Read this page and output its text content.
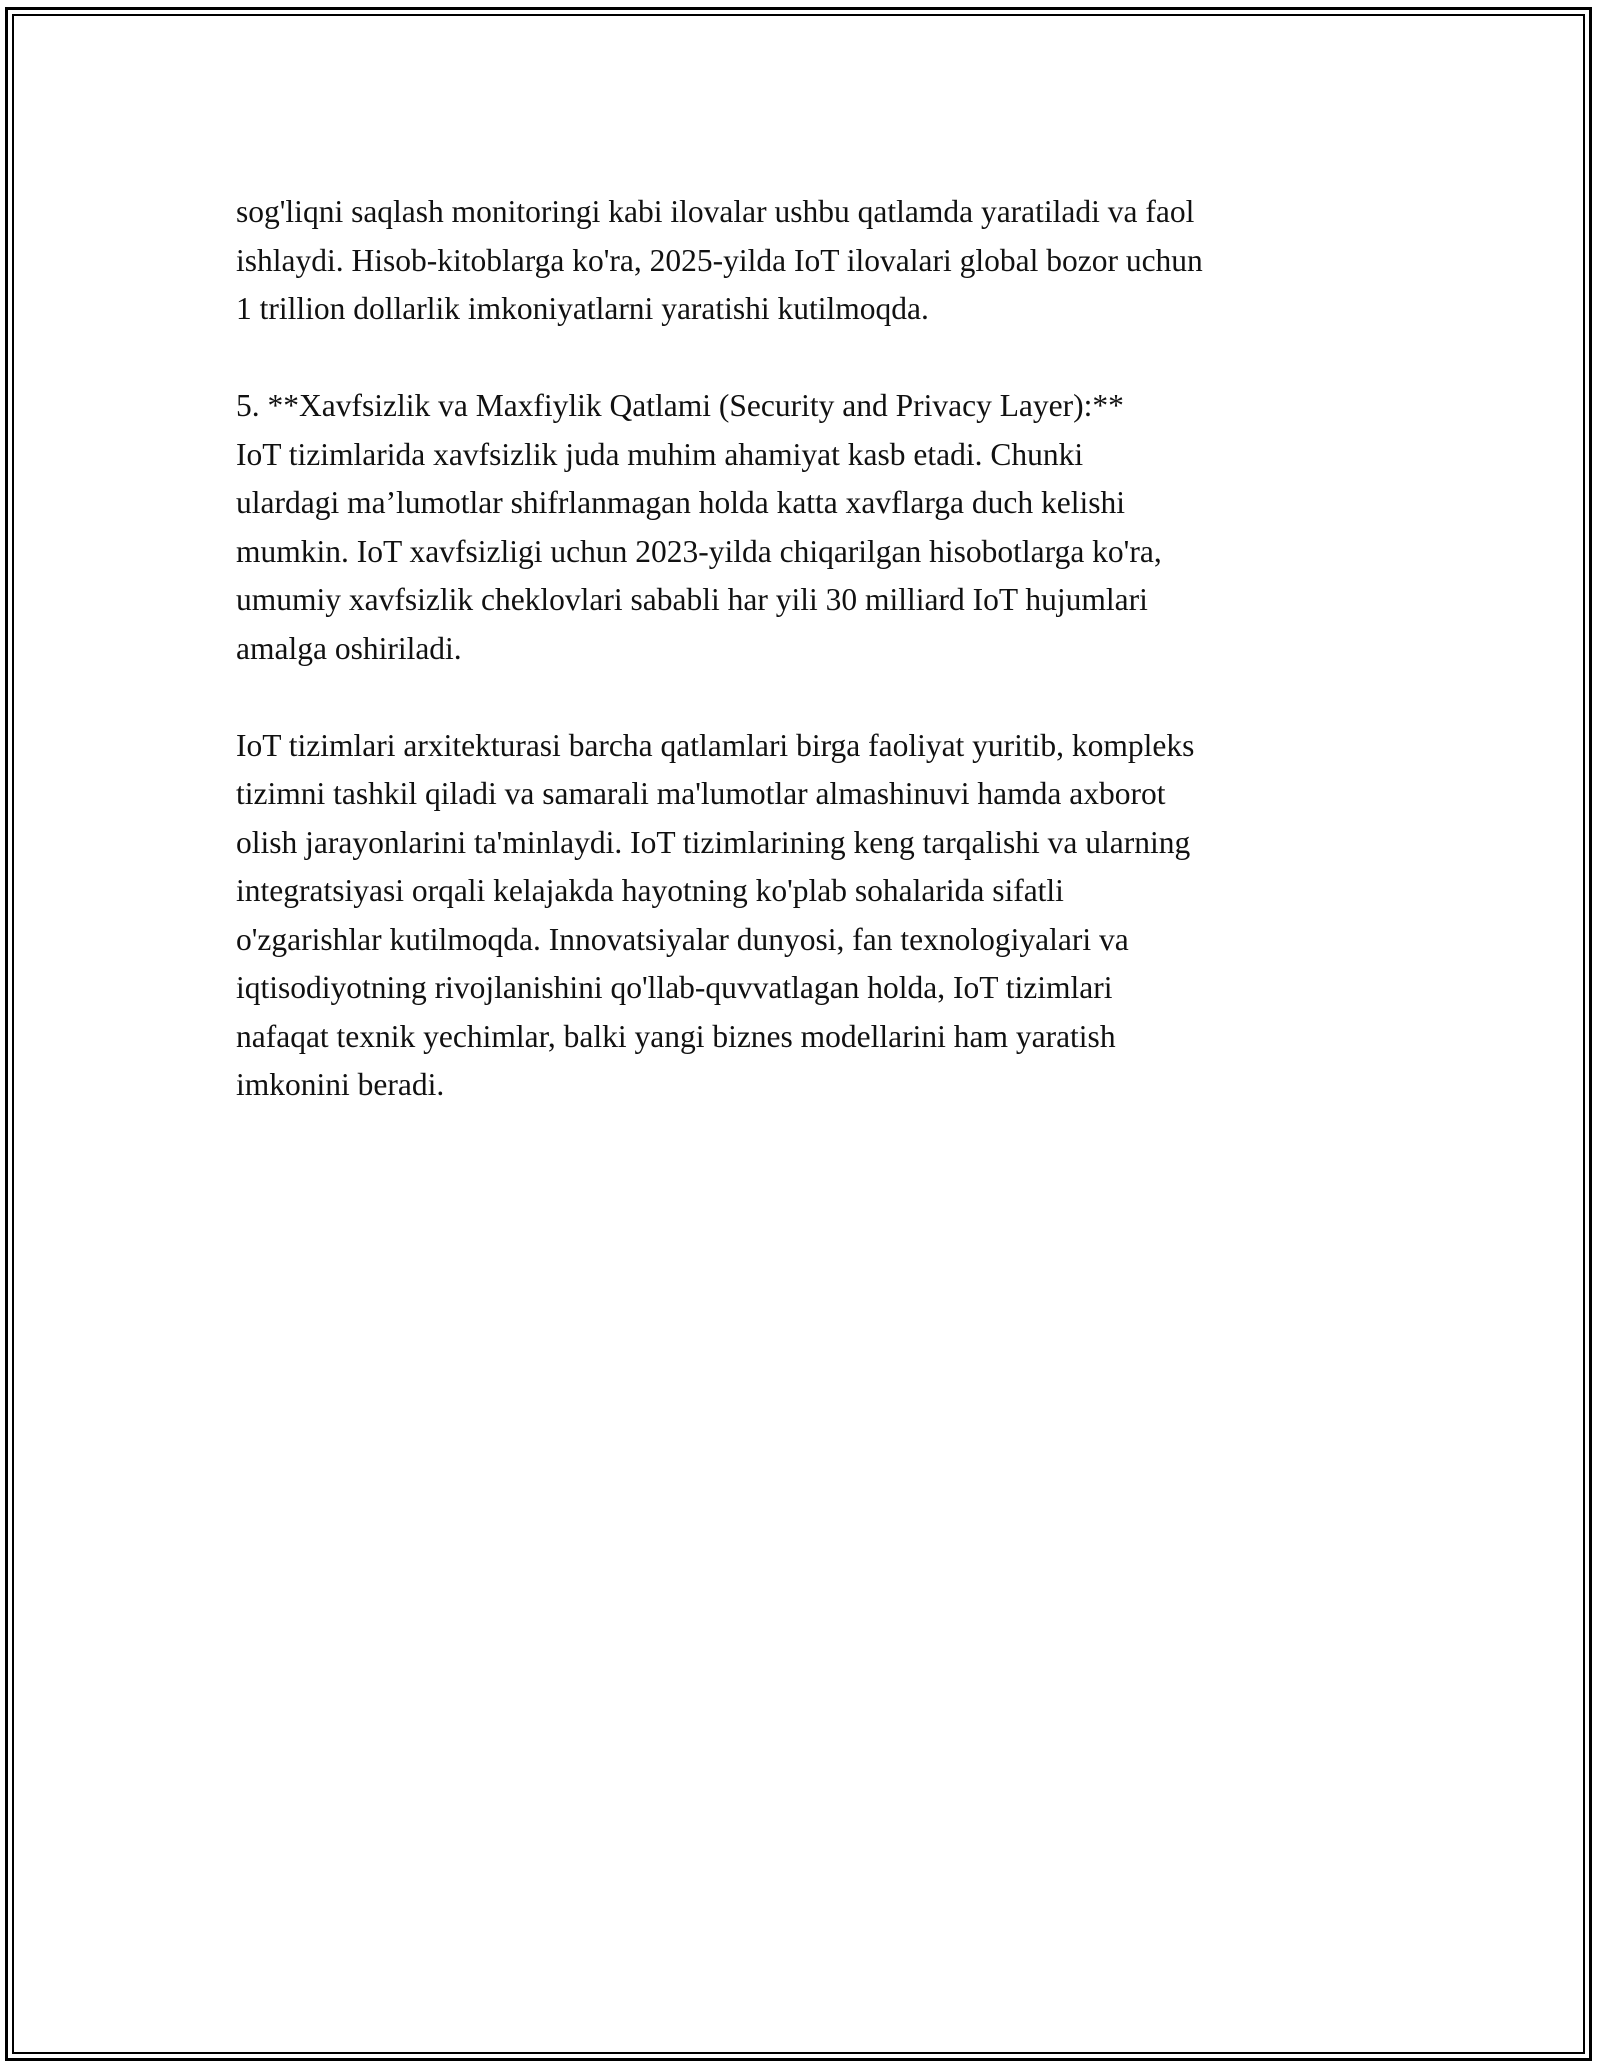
sog'liqni saqlash monitoringi kabi ilovalar ushbu qatlamda yaratiladi va faol
ishlaydi. Hisob-kitoblarga ko'ra, 2025-yilda IoT ilovalari global bozor uchun
1 trillion dollarlik imkoniyatlarni yaratishi kutilmoqda.

5. **Xavfsizlik va Maxfiylik Qatlami (Security and Privacy Layer):**

IoT tizimlarida xavfsizlik juda muhim ahamiyat kasb etadi. Chunki
ulardagi ma’lumotlar shifrlanmagan holda katta xavflarga duch kelishi
mumkin. IoT xavfsizligi uchun 2023-yilda chiqarilgan hisobotlarga ko'ra,
umumiy xavfsizlik cheklovlari sababli har yili 30 milliard IoT hujumlari
amalga oshiriladi.

IoT tizimlari arxitekturasi barcha qatlamlari birga faoliyat yuritib, kompleks
tizimni tashkil qiladi va samarali ma'lumotlar almashinuvi hamda axborot
olish jarayonlarini ta'minlaydi. IoT tizimlarining keng tarqalishi va ularning
integratsiyasi orqali kelajakda hayotning ko'plab sohalarida sifatli
o'zgarishlar kutilmoqda. Innovatsiyalar dunyosi, fan texnologiyalari va
iqtisodiyotning rivojlanishini qo'llab-quvvatlagan holda, IoT tizimlari
nafaqat texnik yechimlar, balki yangi biznes modellarini ham yaratish
imkonini beradi.
